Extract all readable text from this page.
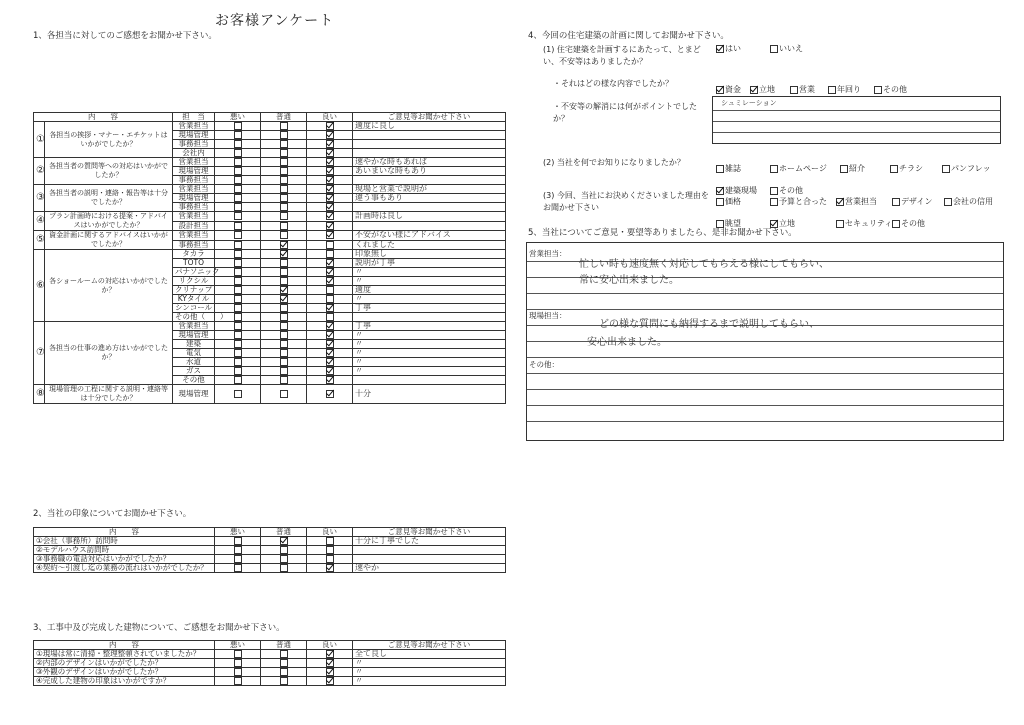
お客様アンケート
1、各担当に対してのご感想をお聞かせ下さい。
内　　容		担　当	悪い	普通	良い	ご意見等お聞かせ下さい
①	各担当の挨拶・マナー・エチケットはいかがでしたか？	営業担当				適度に良し
		現場管理				
		事務担当				
		会社内				
②	各担当者の質問等への対応はいかがでしたか？	営業担当				速やかな時もあれば
		現場管理				あいまいな時もあり
		事務担当				
③	各担当者の説明・連絡・報告等は十分でしたか？	営業担当				現場と営業で説明が
		現場管理				違う事もあり
		事務担当				
④	プラン計画時における提案・アドバイスはいかがでしたか？	営業担当				計画時は良し
		設計担当				
⑤	資金計画に関するアドバイスはいかがでしたか？	営業担当				不安がない様にアドバイス
		事務担当				くれました
⑥	各ショールームの対応はいかがでしたか？	タカラ				印象無し
		TOTO				説明が丁寧
		パナソニック				〃
		リクシル				〃
		クリナップ				適度
		KYタイル				〃
		シンコール				丁寧
		その他（　　）				
⑦	各担当の仕事の進め方はいかがでしたか？	営業担当				丁寧
		現場管理				〃
		建築				〃
		電気				〃
		水道				〃
		ガス				〃
		その他				
⑧	現場管理の工程に関する説明・連絡等は十分でしたか？	現場管理				十分
2、当社の印象についてお聞かせ下さい。
内　　容	悪い	普通	良い	ご意見等お聞かせ下さい
①会社（事務所）訪問時				十分に丁寧でした
②モデルハウス訪問時				
③事務職の電話対応はいかがでしたか？				
④契約～引渡し迄の業務の流れはいかがでしたか？				速やか
3、工事中及び完成した建物について、ご感想をお聞かせ下さい。
内　　容	悪い	普通	良い	ご意見等お聞かせ下さい
①現場は常に清掃・整理整頓されていましたか？				全て良し
②内部のデザインはいかがでしたか？				〃
③外観のデザインはいかがでしたか？				〃
④完成した建物の印象はいかがですか？				〃
4、今回の住宅建築の計画に関してお聞かせ下さい。
(1) 住宅建築を計画するにあたって、とまどい、不安等はありましたか？
はい	いいえ
・それはどの様な内容でしたか？
資金 立地	営業	年回り	その他
・不安等の解消には何がポイントでしたか？
シュミレーション
(2) 当社を何でお知りになりましたか？
雑誌	ホームページ	紹介	チラシ	パンフレッ建築現場	その他
(3) 今回、当社にお決めくださいました理由をお聞かせ下さい
価格	予算と合った 営業担当	デザイン	会社の信用眺望	立地	セキュリティ その他
5、当社についてご意見・要望等ありましたら、是非お聞かせ下さい。
営業担当：
忙しい時も速度無く対応してもらえる様にしてもらい、
常に安心出来ました。
現場担当：
どの様な質問にも納得するまで説明してもらい、
安心出来ました。
その他：
